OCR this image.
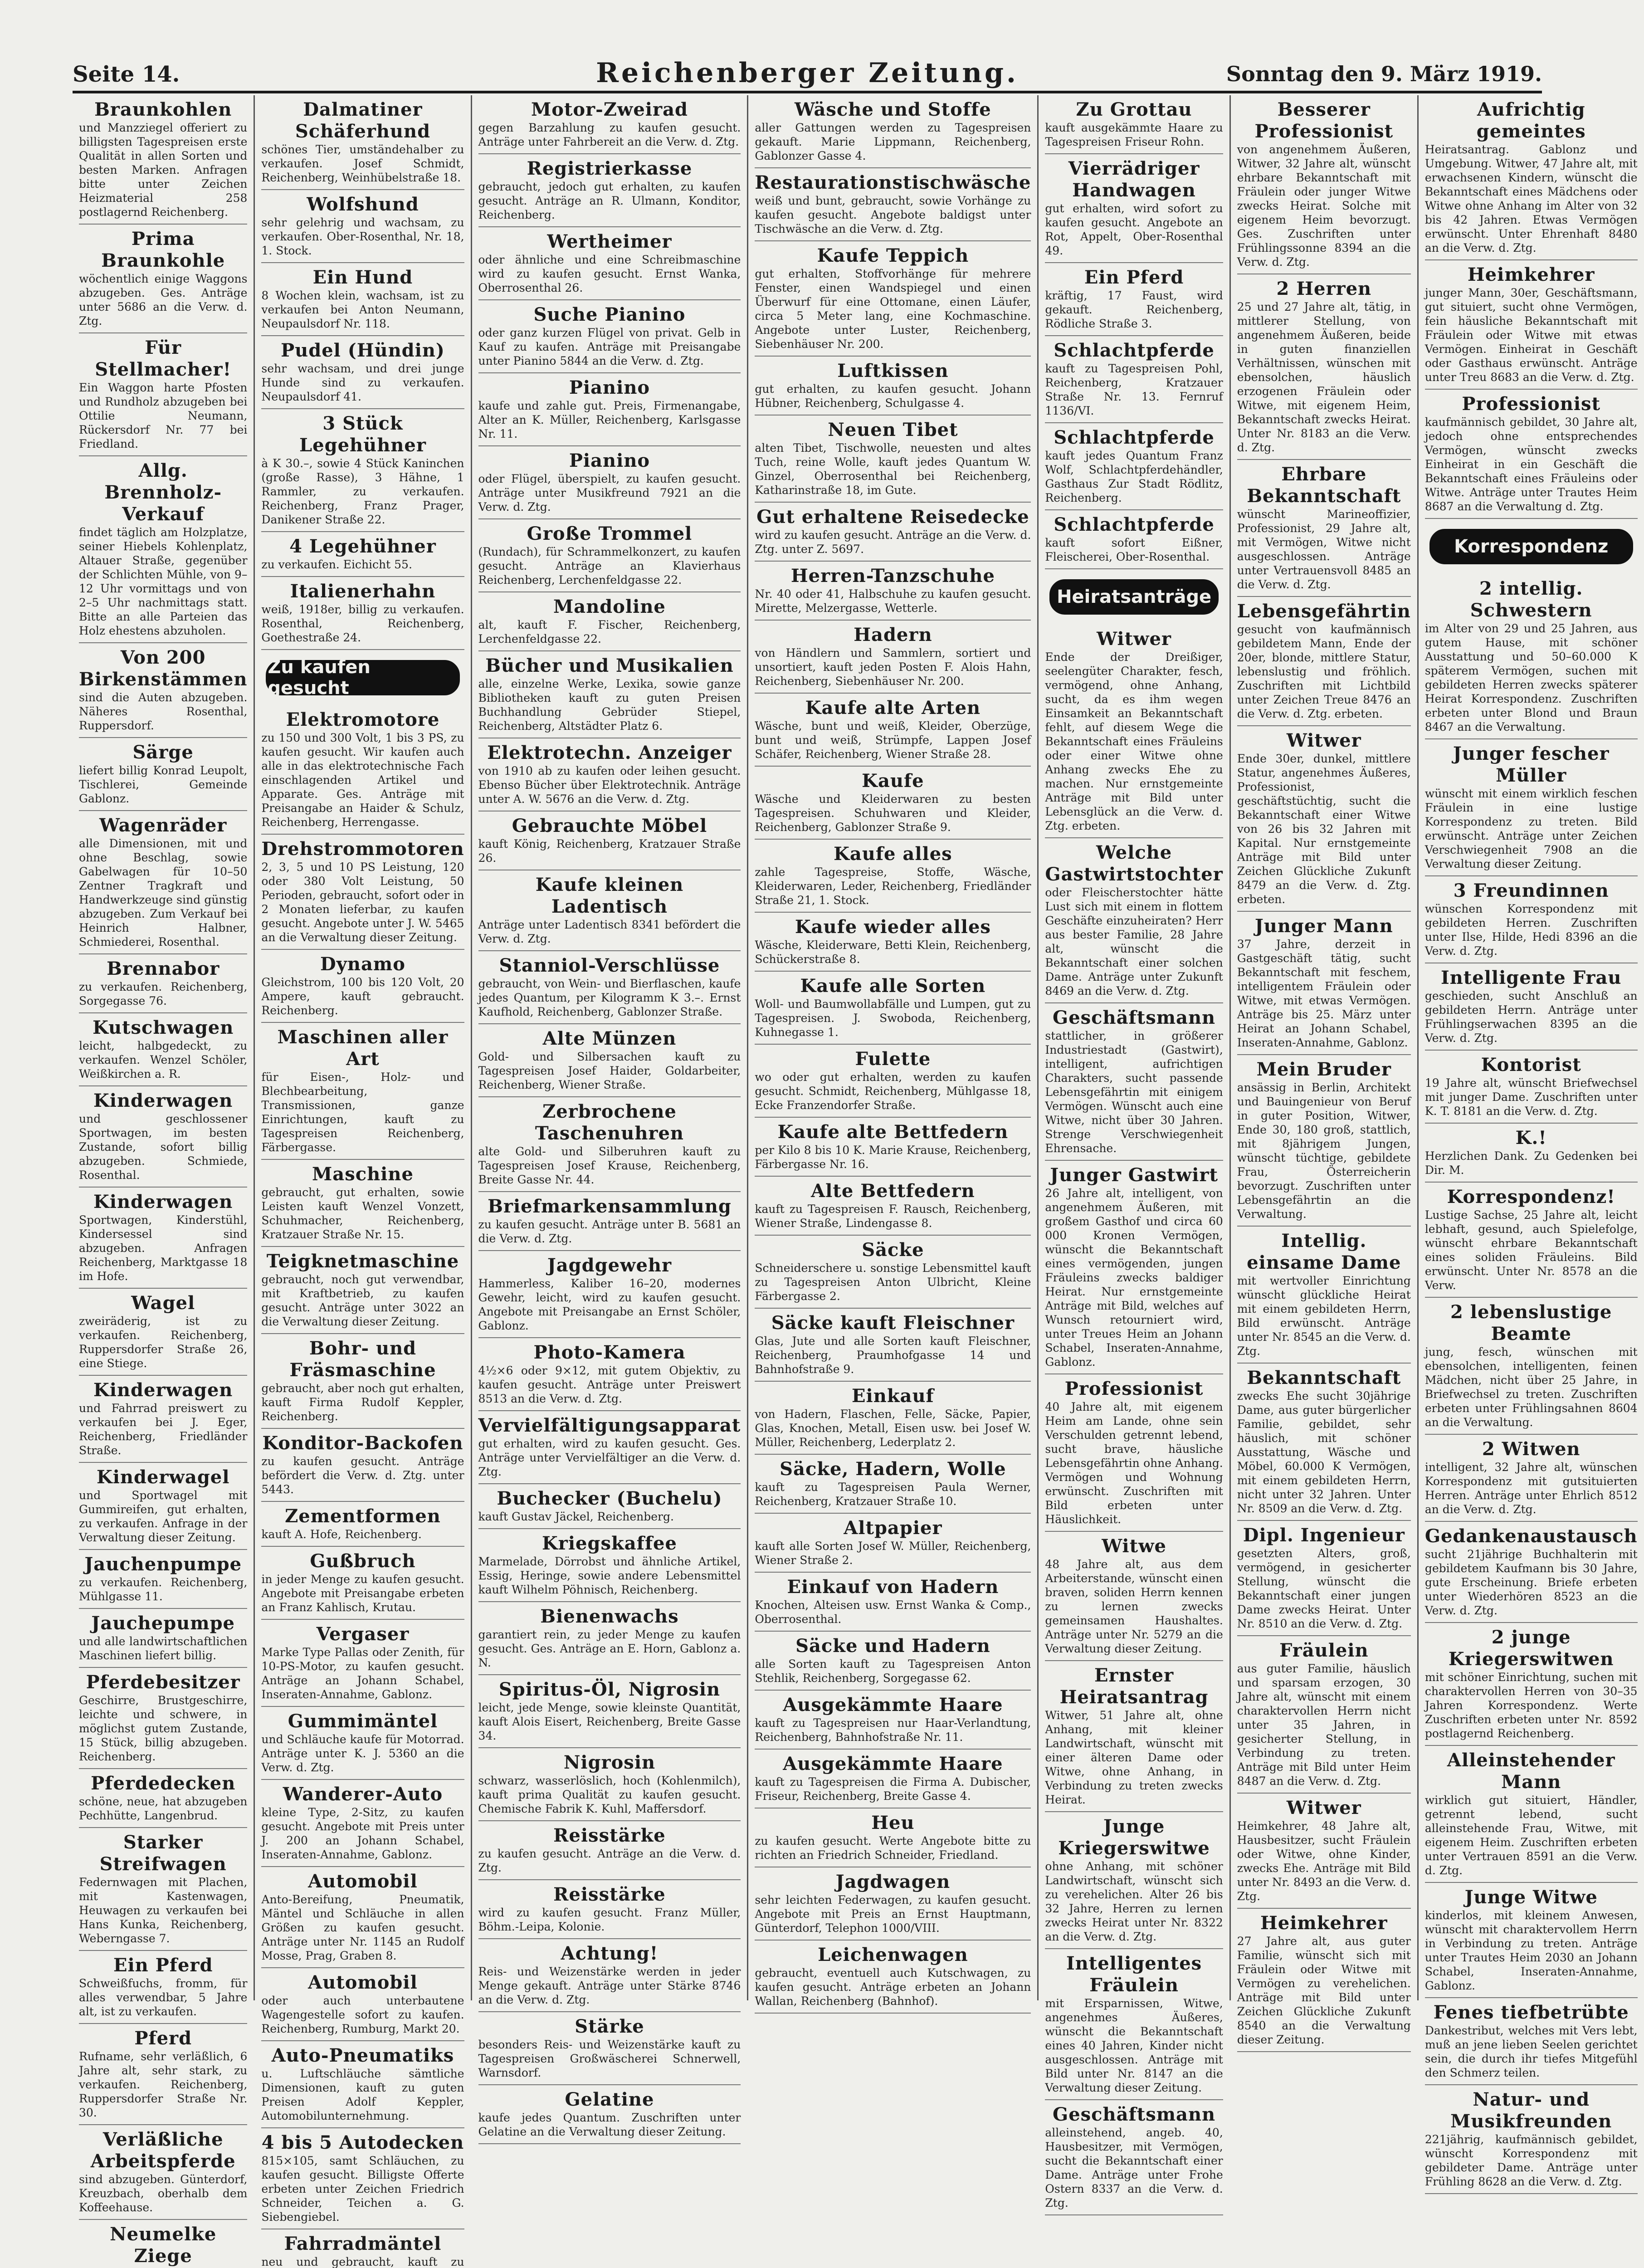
Seite 14.	Reichenberger Zeitung.	Sonntag den 9. März 1919.
Braunkohlen
und Manzziegel offeriert zu billigsten Tagespreisen erste Qualität in allen Sorten und besten Marken. Anfragen bitte unter Zeichen Heizmaterial 258 postlagernd Reichenberg.
Prima Braunkohle
wöchentlich einige Waggons abzugeben. Ges. Anträge unter 5686 an die Verw. d. Ztg.
Für Stellmacher!
Ein Waggon harte Pfosten und Rundholz abzugeben bei Ottilie Neumann, Rückersdorf Nr. 77 bei Friedland.
Allg. Brennholz-Verkauf
findet täglich am Holzplatze, seiner Hiebels Kohlenplatz, Altauer Straße, gegenüber der Schlichten Mühle, von 9–12 Uhr vormittags und von 2–5 Uhr nachmittags statt. Bitte an alle Parteien das Holz ehestens abzuholen.
Von 200 Birkenstämmen
sind die Auten abzugeben. Näheres Rosenthal, Ruppersdorf.
Särge
liefert billig Konrad Leupolt, Tischlerei, Gemeinde Gablonz.
Wagenräder
alle Dimensionen, mit und ohne Beschlag, sowie Gabelwagen für 10–50 Zentner Tragkraft und Handwerkzeuge sind günstig abzugeben. Zum Verkauf bei Heinrich Halbner, Schmiederei, Rosenthal.
Brennabor
zu verkaufen. Reichenberg, Sorgegasse 76.
Kutschwagen
leicht, halbgedeckt, zu verkaufen. Wenzel Schöler, Weißkirchen a. R.
Kinderwagen
und geschlossener Sportwagen, im besten Zustande, sofort billig abzugeben. Schmiede, Rosenthal.
Kinderwagen
Sportwagen, Kinderstühl, Kindersessel sind abzugeben. Anfragen Reichenberg, Marktgasse 18 im Hofe.
Wagel
zweiräderig, ist zu verkaufen. Reichenberg, Ruppersdorfer Straße 26, eine Stiege.
Kinderwagen
und Fahrrad preiswert zu verkaufen bei J. Eger, Reichenberg, Friedländer Straße.
Kinderwagel
und Sportwagel mit Gummireifen, gut erhalten, zu verkaufen. Anfrage in der Verwaltung dieser Zeitung.
Jauchenpumpe
zu verkaufen. Reichenberg, Mühlgasse 11.
Jauchepumpe
und alle landwirtschaftlichen Maschinen liefert billig.
Pferdebesitzer
Geschirre, Brustgeschirre, leichte und schwere, in möglichst gutem Zustande, 15 Stück, billig abzugeben. Reichenberg.
Pferdedecken
schöne, neue, hat abzugeben Pechhütte, Langenbrud.
Starker Streifwagen
Federnwagen mit Plachen, mit Kastenwagen, Heuwagen zu verkaufen bei Hans Kunka, Reichenberg, Weberngasse 7.
Ein Pferd
Schweißfuchs, fromm, für alles verwendbar, 5 Jahre alt, ist zu verkaufen.
Pferd
Rufname, sehr verläßlich, 6 Jahre alt, sehr stark, zu verkaufen. Reichenberg, Ruppersdorfer Straße Nr. 30.
Verläßliche Arbeitspferde
sind abzugeben. Günterdorf, Kreuzbach, oberhalb dem Koffeehause.
Neumelke Ziege
Dalmatiner Schäferhund
schönes Tier, umständehalber zu verkaufen. Josef Schmidt, Reichenberg, Weinhübelstraße 18.
Wolfshund
sehr gelehrig und wachsam, zu verkaufen. Ober-Rosenthal, Nr. 18, 1. Stock.
Ein Hund
8 Wochen klein, wachsam, ist zu verkaufen bei Anton Neumann, Neupaulsdorf Nr. 118.
Pudel (Hündin)
sehr wachsam, und drei junge Hunde sind zu verkaufen. Neupaulsdorf 41.
3 Stück Legehühner
à K 30.–, sowie 4 Stück Kaninchen (große Rasse), 3 Hähne, 1 Rammler, zu verkaufen. Reichenberg, Franz Prager, Danikener Straße 22.
4 Legehühner
zu verkaufen. Eichicht 55.
Italienerhahn
weiß, 1918er, billig zu verkaufen. Rosenthal, Reichenberg, Goethestraße 24.
Zu kaufen gesucht
Elektromotore
zu 150 und 300 Volt, 1 bis 3 PS, zu kaufen gesucht. Wir kaufen auch alle in das elektrotechnische Fach einschlagenden Artikel und Apparate. Ges. Anträge mit Preisangabe an Haider & Schulz, Reichenberg, Herrengasse.
Drehstrommotoren
2, 3, 5 und 10 PS Leistung, 120 oder 380 Volt Leistung, 50 Perioden, gebraucht, sofort oder in 2 Monaten lieferbar, zu kaufen gesucht. Angebote unter J. W. 5465 an die Verwaltung dieser Zeitung.
Dynamo
Gleichstrom, 100 bis 120 Volt, 20 Ampere, kauft gebraucht. Reichenberg.
Maschinen aller Art
für Eisen-, Holz- und Blechbearbeitung, Transmissionen, ganze Einrichtungen, kauft zu Tagespreisen Reichenberg, Färbergasse.
Maschine
gebraucht, gut erhalten, sowie Leisten kauft Wenzel Vonzett, Schuhmacher, Reichenberg, Kratzauer Straße Nr. 15.
Teigknetmaschine
gebraucht, noch gut verwendbar, mit Kraftbetrieb, zu kaufen gesucht. Anträge unter 3022 an die Verwaltung dieser Zeitung.
Bohr- und Fräsmaschine
gebraucht, aber noch gut erhalten, kauft Firma Rudolf Keppler, Reichenberg.
Konditor-Backofen
zu kaufen gesucht. Anträge befördert die Verw. d. Ztg. unter 5443.
Zementformen
kauft A. Hofe, Reichenberg.
Gußbruch
in jeder Menge zu kaufen gesucht. Angebote mit Preisangabe erbeten an Franz Kahlisch, Krutau.
Vergaser
Marke Type Pallas oder Zenith, für 10-PS-Motor, zu kaufen gesucht. Anträge an Johann Schabel, Inseraten-Annahme, Gablonz.
Gummimäntel
und Schläuche kaufe für Motorrad. Anträge unter K. J. 5360 an die Verw. d. Ztg.
Wanderer-Auto
kleine Type, 2-Sitz, zu kaufen gesucht. Angebote mit Preis unter J. 200 an Johann Schabel, Inseraten-Annahme, Gablonz.
Automobil
Anto-Bereifung, Pneumatik, Mäntel und Schläuche in allen Größen zu kaufen gesucht. Anträge unter Nr. 1145 an Rudolf Mosse, Prag, Graben 8.
Automobil
oder auch unterbautene Wagengestelle sofort zu kaufen. Reichenberg, Rumburg, Markt 20.
Auto-Pneumatiks
u. Luftschläuche sämtliche Dimensionen, kauft zu guten Preisen Adolf Keppler, Automobilunternehmung.
4 bis 5 Autodecken
815×105, samt Schläuchen, zu kaufen gesucht. Billigste Offerte erbeten unter Zeichen Friedrich Schneider, Teichen a. G. Siebengiebel.
Fahrradmäntel
neu und gebraucht, kauft zu
Motor-Zweirad
gegen Barzahlung zu kaufen gesucht. Anträge unter Fahrbereit an die Verw. d. Ztg.
Registrierkasse
gebraucht, jedoch gut erhalten, zu kaufen gesucht. Anträge an R. Ulmann, Konditor, Reichenberg.
Wertheimer
oder ähnliche und eine Schreibmaschine wird zu kaufen gesucht. Ernst Wanka, Oberrosenthal 26.
Suche Pianino
oder ganz kurzen Flügel von privat. Gelb in Kauf zu kaufen. Anträge mit Preisangabe unter Pianino 5844 an die Verw. d. Ztg.
Pianino
kaufe und zahle gut. Preis, Firmenangabe, Alter an K. Müller, Reichenberg, Karlsgasse Nr. 11.
Pianino
oder Flügel, überspielt, zu kaufen gesucht. Anträge unter Musikfreund 7921 an die Verw. d. Ztg.
Große Trommel
(Rundach), für Schrammelkonzert, zu kaufen gesucht. Anträge an Klavierhaus Reichenberg, Lerchenfeldgasse 22.
Mandoline
alt, kauft F. Fischer, Reichenberg, Lerchenfeldgasse 22.
Bücher und Musikalien
alle, einzelne Werke, Lexika, sowie ganze Bibliotheken kauft zu guten Preisen Buchhandlung Gebrüder Stiepel, Reichenberg, Altstädter Platz 6.
Elektrotechn. Anzeiger
von 1910 ab zu kaufen oder leihen gesucht. Ebenso Bücher über Elektrotechnik. Anträge unter A. W. 5676 an die Verw. d. Ztg.
Gebrauchte Möbel
kauft König, Reichenberg, Kratzauer Straße 26.
Kaufe kleinen Ladentisch
Anträge unter Ladentisch 8341 befördert die Verw. d. Ztg.
Stanniol-Verschlüsse
gebraucht, von Wein- und Bierflaschen, kaufe jedes Quantum, per Kilogramm K 3.–. Ernst Kaufhold, Reichenberg, Gablonzer Straße.
Alte Münzen
Gold- und Silbersachen kauft zu Tagespreisen Josef Haider, Goldarbeiter, Reichenberg, Wiener Straße.
Zerbrochene Taschenuhren
alte Gold- und Silberuhren kauft zu Tagespreisen Josef Krause, Reichenberg, Breite Gasse Nr. 44.
Briefmarkensammlung
zu kaufen gesucht. Anträge unter B. 5681 an die Verw. d. Ztg.
Jagdgewehr
Hammerless, Kaliber 16–20, modernes Gewehr, leicht, wird zu kaufen gesucht. Angebote mit Preisangabe an Ernst Schöler, Gablonz.
Photo-Kamera
4½×6 oder 9×12, mit gutem Objektiv, zu kaufen gesucht. Anträge unter Preiswert 8513 an die Verw. d. Ztg.
Vervielfältigungsapparat
gut erhalten, wird zu kaufen gesucht. Ges. Anträge unter Vervielfältiger an die Verw. d. Ztg.
Buchecker (Buchelu)
kauft Gustav Jäckel, Reichenberg.
Kriegskaffee
Marmelade, Dörrobst und ähnliche Artikel, Essig, Heringe, sowie andere Lebensmittel kauft Wilhelm Pöhnisch, Reichenberg.
Bienenwachs
garantiert rein, zu jeder Menge zu kaufen gesucht. Ges. Anträge an E. Horn, Gablonz a. N.
Spiritus-Öl, Nigrosin
leicht, jede Menge, sowie kleinste Quantität, kauft Alois Eisert, Reichenberg, Breite Gasse 34.
Nigrosin
schwarz, wasserlöslich, hoch (Kohlenmilch), kauft prima Qualität zu kaufen gesucht. Chemische Fabrik K. Kuhl, Maffersdorf.
Reisstärke
zu kaufen gesucht. Anträge an die Verw. d. Ztg.
Reisstärke
wird zu kaufen gesucht. Franz Müller, Böhm.-Leipa, Kolonie.
Achtung!
Reis- und Weizenstärke werden in jeder Menge gekauft. Anträge unter Stärke 8746 an die Verw. d. Ztg.
Stärke
besonders Reis- und Weizenstärke kauft zu Tagespreisen Großwäscherei Schnerwell, Warnsdorf.
Gelatine
kaufe jedes Quantum. Zuschriften unter Gelatine an die Verwaltung dieser Zeitung.
Wäsche und Stoffe
aller Gattungen werden zu Tagespreisen gekauft. Marie Lippmann, Reichenberg, Gablonzer Gasse 4.
Restaurationstischwäsche
weiß und bunt, gebraucht, sowie Vorhänge zu kaufen gesucht. Angebote baldigst unter Tischwäsche an die Verw. d. Ztg.
Kaufe Teppich
gut erhalten, Stoffvorhänge für mehrere Fenster, einen Wandspiegel und einen Überwurf für eine Ottomane, einen Läufer, circa 5 Meter lang, eine Kochmaschine. Angebote unter Luster, Reichenberg, Siebenhäuser Nr. 200.
Luftkissen
gut erhalten, zu kaufen gesucht. Johann Hübner, Reichenberg, Schulgasse 4.
Neuen Tibet
alten Tibet, Tischwolle, neuesten und altes Tuch, reine Wolle, kauft jedes Quantum W. Ginzel, Oberrosenthal bei Reichenberg, Katharinstraße 18, im Gute.
Gut erhaltene Reisedecke
wird zu kaufen gesucht. Anträge an die Verw. d. Ztg. unter Z. 5697.
Herren-Tanzschuhe
Nr. 40 oder 41, Halbschuhe zu kaufen gesucht. Mirette, Melzergasse, Wetterle.
Hadern
von Händlern und Sammlern, sortiert und unsortiert, kauft jeden Posten F. Alois Hahn, Reichenberg, Siebenhäuser Nr. 200.
Kaufe alte Arten
Wäsche, bunt und weiß, Kleider, Oberzüge, bunt und weiß, Strümpfe, Lappen Josef Schäfer, Reichenberg, Wiener Straße 28.
Kaufe
Wäsche und Kleiderwaren zu besten Tagespreisen. Schuhwaren und Kleider, Reichenberg, Gablonzer Straße 9.
Kaufe alles
zahle Tagespreise, Stoffe, Wäsche, Kleiderwaren, Leder, Reichenberg, Friedländer Straße 21, 1. Stock.
Kaufe wieder alles
Wäsche, Kleiderware, Betti Klein, Reichenberg, Schückerstraße 8.
Kaufe alle Sorten
Woll- und Baumwollabfälle und Lumpen, gut zu Tagespreisen. J. Swoboda, Reichenberg, Kuhnegasse 1.
Fulette
wo oder gut erhalten, werden zu kaufen gesucht. Schmidt, Reichenberg, Mühlgasse 18, Ecke Franzendorfer Straße.
Kaufe alte Bettfedern
per Kilo 8 bis 10 K. Marie Krause, Reichenberg, Färbergasse Nr. 16.
Alte Bettfedern
kauft zu Tagespreisen F. Rausch, Reichenberg, Wiener Straße, Lindengasse 8.
Säcke
Schneiderschere u. sonstige Lebensmittel kauft zu Tagespreisen Anton Ulbricht, Kleine Färbergasse 2.
Säcke kauft Fleischner
Glas, Jute und alle Sorten kauft Fleischner, Reichenberg, Praumhofgasse 14 und Bahnhofstraße 9.
Einkauf
von Hadern, Flaschen, Felle, Säcke, Papier, Glas, Knochen, Metall, Eisen usw. bei Josef W. Müller, Reichenberg, Lederplatz 2.
Säcke, Hadern, Wolle
kauft zu Tagespreisen Paula Werner, Reichenberg, Kratzauer Straße 10.
Altpapier
kauft alle Sorten Josef W. Müller, Reichenberg, Wiener Straße 2.
Einkauf von Hadern
Knochen, Alteisen usw. Ernst Wanka & Comp., Oberrosenthal.
Säcke und Hadern
alle Sorten kauft zu Tagespreisen Anton Stehlik, Reichenberg, Sorgegasse 62.
Ausgekämmte Haare
kauft zu Tagespreisen nur Haar-Verlandtung, Reichenberg, Bahnhofstraße Nr. 11.
Ausgekämmte Haare
kauft zu Tagespreisen die Firma A. Dubischer, Friseur, Reichenberg, Breite Gasse 4.
Heu
zu kaufen gesucht. Werte Angebote bitte zu richten an Friedrich Schneider, Friedland.
Jagdwagen
sehr leichten Federwagen, zu kaufen gesucht. Angebote mit Preis an Ernst Hauptmann, Günterdorf, Telephon 1000/VIII.
Leichenwagen
gebraucht, eventuell auch Kutschwagen, zu kaufen gesucht. Anträge erbeten an Johann Wallan, Reichenberg (Bahnhof).
Zu Grottau
kauft ausgekämmte Haare zu Tagespreisen Friseur Rohn.
Vierrädriger Handwagen
gut erhalten, wird sofort zu kaufen gesucht. Angebote an Rot, Appelt, Ober-Rosenthal 49.
Ein Pferd
kräftig, 17 Faust, wird gekauft. Reichenberg, Rödliche Straße 3.
Schlachtpferde
kauft zu Tagespreisen Pohl, Reichenberg, Kratzauer Straße Nr. 13. Fernruf 1136/VI.
Schlachtpferde
kauft jedes Quantum Franz Wolf, Schlachtpferdehändler, Gasthaus Zur Stadt Rödlitz, Reichenberg.
Schlachtpferde
kauft sofort Eißner, Fleischerei, Ober-Rosenthal.
Heiratsanträge
Witwer
Ende der Dreißiger, seelengüter Charakter, fesch, vermögend, ohne Anhang, sucht, da es ihm wegen Einsamkeit an Bekanntschaft fehlt, auf diesem Wege die Bekanntschaft eines Fräuleins oder einer Witwe ohne Anhang zwecks Ehe zu machen. Nur ernstgemeinte Anträge mit Bild unter Lebensglück an die Verw. d. Ztg. erbeten.
Welche Gastwirtstochter
oder Fleischerstochter hätte Lust sich mit einem in flottem Geschäfte einzuheiraten? Herr aus bester Familie, 28 Jahre alt, wünscht die Bekanntschaft einer solchen Dame. Anträge unter Zukunft 8469 an die Verw. d. Ztg.
Geschäftsmann
stattlicher, in größerer Industriestadt (Gastwirt), intelligent, aufrichtigen Charakters, sucht passende Lebensgefährtin mit einigem Vermögen. Wünscht auch eine Witwe, nicht über 30 Jahren. Strenge Verschwiegenheit Ehrensache.
Junger Gastwirt
26 Jahre alt, intelligent, von angenehmem Äußeren, mit großem Gasthof und circa 60 000 Kronen Vermögen, wünscht die Bekanntschaft eines vermögenden, jungen Fräuleins zwecks baldiger Heirat. Nur ernstgemeinte Anträge mit Bild, welches auf Wunsch retourniert wird, unter Treues Heim an Johann Schabel, Inseraten-Annahme, Gablonz.
Professionist
40 Jahre alt, mit eigenem Heim am Lande, ohne sein Verschulden getrennt lebend, sucht brave, häusliche Lebensgefährtin ohne Anhang. Vermögen und Wohnung erwünscht. Zuschriften mit Bild erbeten unter Häuslichkeit.
Witwe
48 Jahre alt, aus dem Arbeiterstande, wünscht einen braven, soliden Herrn kennen zu lernen zwecks gemeinsamen Haushaltes. Anträge unter Nr. 5279 an die Verwaltung dieser Zeitung.
Ernster Heiratsantrag
Witwer, 51 Jahre alt, ohne Anhang, mit kleiner Landwirtschaft, wünscht mit einer älteren Dame oder Witwe, ohne Anhang, in Verbindung zu treten zwecks Heirat.
Junge Kriegerswitwe
ohne Anhang, mit schöner Landwirtschaft, wünscht sich zu verehelichen. Alter 26 bis 32 Jahre, Herren zu lernen zwecks Heirat unter Nr. 8322 an die Verw. d. Ztg.
Intelligentes Fräulein
mit Ersparnissen, Witwe, angenehmes Äußeres, wünscht die Bekanntschaft eines 40 Jahren, Kinder nicht ausgeschlossen. Anträge mit Bild unter Nr. 8147 an die Verwaltung dieser Zeitung.
Geschäftsmann
alleinstehend, angeb. 40, Hausbesitzer, mit Vermögen, sucht die Bekanntschaft einer Dame. Anträge unter Frohe Ostern 8337 an die Verw. d. Ztg.
Besserer Professionist
von angenehmem Äußeren, Witwer, 32 Jahre alt, wünscht ehrbare Bekanntschaft mit Fräulein oder junger Witwe zwecks Heirat. Solche mit eigenem Heim bevorzugt. Ges. Zuschriften unter Frühlingssonne 8394 an die Verw. d. Ztg.
2 Herren
25 und 27 Jahre alt, tätig, in mittlerer Stellung, von angenehmem Äußeren, beide in guten finanziellen Verhältnissen, wünschen mit ebensolchen, häuslich erzogenen Fräulein oder Witwe, mit eigenem Heim, Bekanntschaft zwecks Heirat. Unter Nr. 8183 an die Verw. d. Ztg.
Ehrbare Bekanntschaft
wünscht Marineoffizier, Professionist, 29 Jahre alt, mit Vermögen, Witwe nicht ausgeschlossen. Anträge unter Vertrauensvoll 8485 an die Verw. d. Ztg.
Lebensgefährtin
gesucht von kaufmännisch gebildetem Mann, Ende der 20er, blonde, mittlere Statur, lebenslustig und fröhlich. Zuschriften mit Lichtbild unter Zeichen Treue 8476 an die Verw. d. Ztg. erbeten.
Witwer
Ende 30er, dunkel, mittlere Statur, angenehmes Äußeres, Professionist, geschäftstüchtig, sucht die Bekanntschaft einer Witwe von 26 bis 32 Jahren mit Kapital. Nur ernstgemeinte Anträge mit Bild unter Zeichen Glückliche Zukunft 8479 an die Verw. d. Ztg. erbeten.
Junger Mann
37 Jahre, derzeit in Gastgeschäft tätig, sucht Bekanntschaft mit feschem, intelligentem Fräulein oder Witwe, mit etwas Vermögen. Anträge bis 25. März unter Heirat an Johann Schabel, Inseraten-Annahme, Gablonz.
Mein Bruder
ansässig in Berlin, Architekt und Bauingenieur von Beruf in guter Position, Witwer, Ende 30, 180 groß, stattlich, mit 8jährigem Jungen, wünscht tüchtige, gebildete Frau, Österreicherin bevorzugt. Zuschriften unter Lebensgefährtin an die Verwaltung.
Intellig. einsame Dame
mit wertvoller Einrichtung wünscht glückliche Heirat mit einem gebildeten Herrn, Bild erwünscht. Anträge unter Nr. 8545 an die Verw. d. Ztg.
Bekanntschaft
zwecks Ehe sucht 30jährige Dame, aus guter bürgerlicher Familie, gebildet, sehr häuslich, mit schöner Ausstattung, Wäsche und Möbel, 60.000 K Vermögen, mit einem gebildeten Herrn, nicht unter 32 Jahren. Unter Nr. 8509 an die Verw. d. Ztg.
Dipl. Ingenieur
gesetzten Alters, groß, vermögend, in gesicherter Stellung, wünscht die Bekanntschaft einer jungen Dame zwecks Heirat. Unter Nr. 8510 an die Verw. d. Ztg.
Fräulein
aus guter Familie, häuslich und sparsam erzogen, 30 Jahre alt, wünscht mit einem charaktervollen Herrn nicht unter 35 Jahren, in gesicherter Stellung, in Verbindung zu treten. Anträge mit Bild unter Heim 8487 an die Verw. d. Ztg.
Witwer
Heimkehrer, 48 Jahre alt, Hausbesitzer, sucht Fräulein oder Witwe, ohne Kinder, zwecks Ehe. Anträge mit Bild unter Nr. 8493 an die Verw. d. Ztg.
Heimkehrer
27 Jahre alt, aus guter Familie, wünscht sich mit Fräulein oder Witwe mit Vermögen zu verehelichen. Anträge mit Bild unter Zeichen Glückliche Zukunft 8540 an die Verwaltung dieser Zeitung.
Aufrichtig gemeintes
Heiratsantrag. Gablonz und Umgebung. Witwer, 47 Jahre alt, mit erwachsenen Kindern, wünscht die Bekanntschaft eines Mädchens oder Witwe ohne Anhang im Alter von 32 bis 42 Jahren. Etwas Vermögen erwünscht. Unter Ehrenhaft 8480 an die Verw. d. Ztg.
Heimkehrer
junger Mann, 30er, Geschäftsmann, gut situiert, sucht ohne Vermögen, fein häusliche Bekanntschaft mit Fräulein oder Witwe mit etwas Vermögen. Einheirat in Geschäft oder Gasthaus erwünscht. Anträge unter Treu 8683 an die Verw. d. Ztg.
Professionist
kaufmännisch gebildet, 30 Jahre alt, jedoch ohne entsprechendes Vermögen, wünscht zwecks Einheirat in ein Geschäft die Bekanntschaft eines Fräuleins oder Witwe. Anträge unter Trautes Heim 8687 an die Verwaltung d. Ztg.
Korrespondenz
2 intellig. Schwestern
im Alter von 29 und 25 Jahren, aus gutem Hause, mit schöner Ausstattung und 50–60.000 K späterem Vermögen, suchen mit gebildeten Herren zwecks späterer Heirat Korrespondenz. Zuschriften erbeten unter Blond und Braun 8467 an die Verwaltung.
Junger fescher Müller
wünscht mit einem wirklich feschen Fräulein in eine lustige Korrespondenz zu treten. Bild erwünscht. Anträge unter Zeichen Verschwiegenheit 7908 an die Verwaltung dieser Zeitung.
3 Freundinnen
wünschen Korrespondenz mit gebildeten Herren. Zuschriften unter Ilse, Hilde, Hedi 8396 an die Verw. d. Ztg.
Intelligente Frau
geschieden, sucht Anschluß an gebildeten Herrn. Anträge unter Frühlingserwachen 8395 an die Verw. d. Ztg.
Kontorist
19 Jahre alt, wünscht Briefwechsel mit junger Dame. Zuschriften unter K. T. 8181 an die Verw. d. Ztg.
K.!
Herzlichen Dank. Zu Gedenken bei Dir. M.
Korrespondenz!
Lustige Sachse, 25 Jahre alt, leicht lebhaft, gesund, auch Spielefolge, wünscht ehrbare Bekanntschaft eines soliden Fräuleins. Bild erwünscht. Unter Nr. 8578 an die Verw.
2 lebenslustige Beamte
jung, fesch, wünschen mit ebensolchen, intelligenten, feinen Mädchen, nicht über 25 Jahre, in Briefwechsel zu treten. Zuschriften erbeten unter Frühlingsahnen 8604 an die Verwaltung.
2 Witwen
intelligent, 32 Jahre alt, wünschen Korrespondenz mit gutsituierten Herren. Anträge unter Ehrlich 8512 an die Verw. d. Ztg.
Gedankenaustausch
sucht 21jährige Buchhalterin mit gebildetem Kaufmann bis 30 Jahre, gute Erscheinung. Briefe erbeten unter Wiederhören 8523 an die Verw. d. Ztg.
2 junge Kriegerswitwen
mit schöner Einrichtung, suchen mit charaktervollen Herren von 30–35 Jahren Korrespondenz. Werte Zuschriften erbeten unter Nr. 8592 postlagernd Reichenberg.
Alleinstehender Mann
wirklich gut situiert, Händler, getrennt lebend, sucht alleinstehende Frau, Witwe, mit eigenem Heim. Zuschriften erbeten unter Vertrauen 8591 an die Verw. d. Ztg.
Junge Witwe
kinderlos, mit kleinem Anwesen, wünscht mit charaktervollem Herrn in Verbindung zu treten. Anträge unter Trautes Heim 2030 an Johann Schabel, Inseraten-Annahme, Gablonz.
Fenes tiefbetrübte
Dankestribut, welches mit Vers lebt, muß an jene lieben Seelen gerichtet sein, die durch ihr tiefes Mitgefühl den Schmerz teilen.
Natur- und Musikfreunden
221jährig, kaufmännisch gebildet, wünscht Korrespondenz mit gebildeter Dame. Anträge unter Frühling 8628 an die Verw. d. Ztg.
